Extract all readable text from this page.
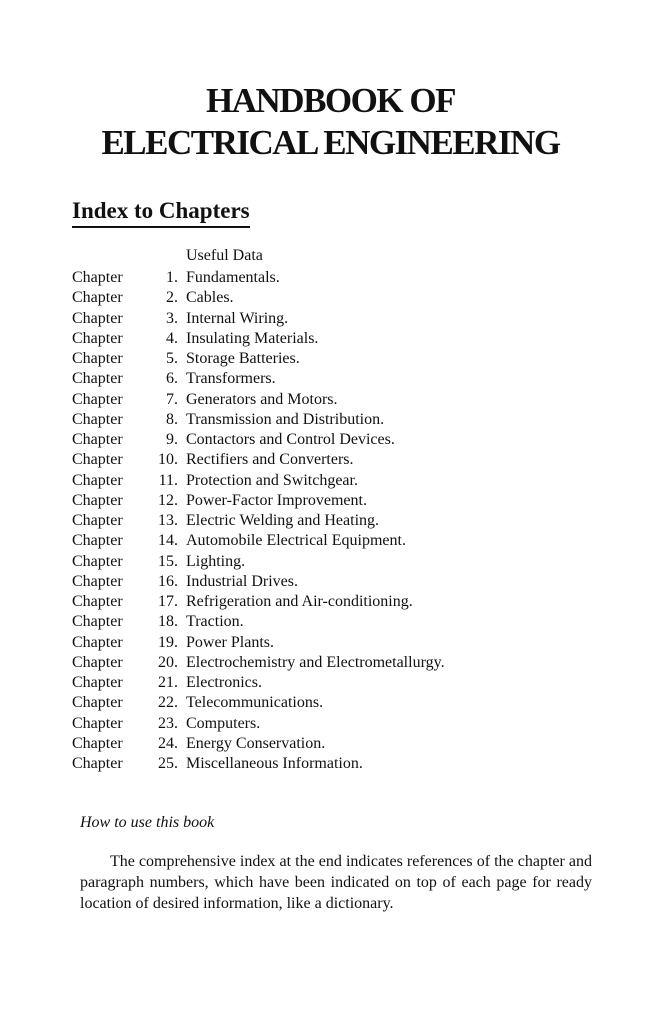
HANDBOOK OF
ELECTRICAL ENGINEERING
Index to Chapters
Useful Data
Chapter	1. Fundamentals.
Chapter	2. Cables.
Chapter	3. Internal Wiring.
Chapter	4. Insulating Materials.
Chapter	5. Storage Batteries.
Chapter	6. Transformers.
Chapter	7. Generators and Motors.
Chapter	8. Transmission and Distribution.
Chapter	9. Contactors and Control Devices.
Chapter	10. Rectifiers and Converters.
Chapter	11. Protection and Switchgear.
Chapter	12. Power-Factor Improvement.
Chapter	13. Electric Welding and Heating.
Chapter	14. Automobile Electrical Equipment.
Chapter	15. Lighting.
Chapter	16. Industrial Drives.
Chapter	17. Refrigeration and Air-conditioning.
Chapter	18. Traction.
Chapter	19. Power Plants.
Chapter	20. Electrochemistry and Electrometallurgy.
Chapter	21. Electronics.
Chapter	22. Telecommunications.
Chapter	23. Computers.
Chapter	24. Energy Conservation.
Chapter	25. Miscellaneous Information.

How to use this book

The comprehensive index at the end indicates references of the chapter and paragraph numbers, which have been indicated on top of each page for ready location of desired information, like a dictionary.
